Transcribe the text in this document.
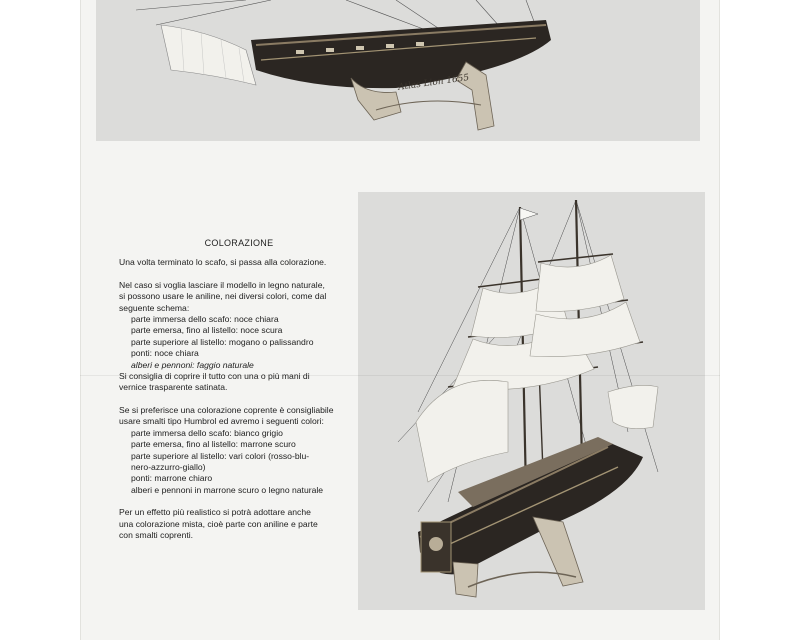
Atlas Lion 1655

COLORAZIONE

Una volta terminato lo scafo, si passa alla colorazione.

Nel caso si voglia lasciare il modello in legno naturale,

si possono usare le aniline, nei diversi colori, come dal

seguente schema:

parte immersa dello scafo: noce chiara

parte emersa, fino al listello: noce scura

parte superiore al listello: mogano o palissandro

ponti: noce chiara

alberi e pennoni: faggio naturale

Si consiglia di coprire il tutto con una o più mani di

vernice trasparente satinata.

Se si preferisce una colorazione coprente è consigliabile

usare smalti tipo Humbrol ed avremo i seguenti colori:

parte immersa dello scafo: bianco grigio

parte emersa, fino al listello: marrone scuro

parte superiore al listello: vari colori (rosso-blu-

nero-azzurro-giallo)

ponti: marrone chiaro

alberi e pennoni in marrone scuro o legno naturale

Per un effetto più realistico si potrà adottare anche

una colorazione mista, cioè parte con aniline e parte

con smalti coprenti.
